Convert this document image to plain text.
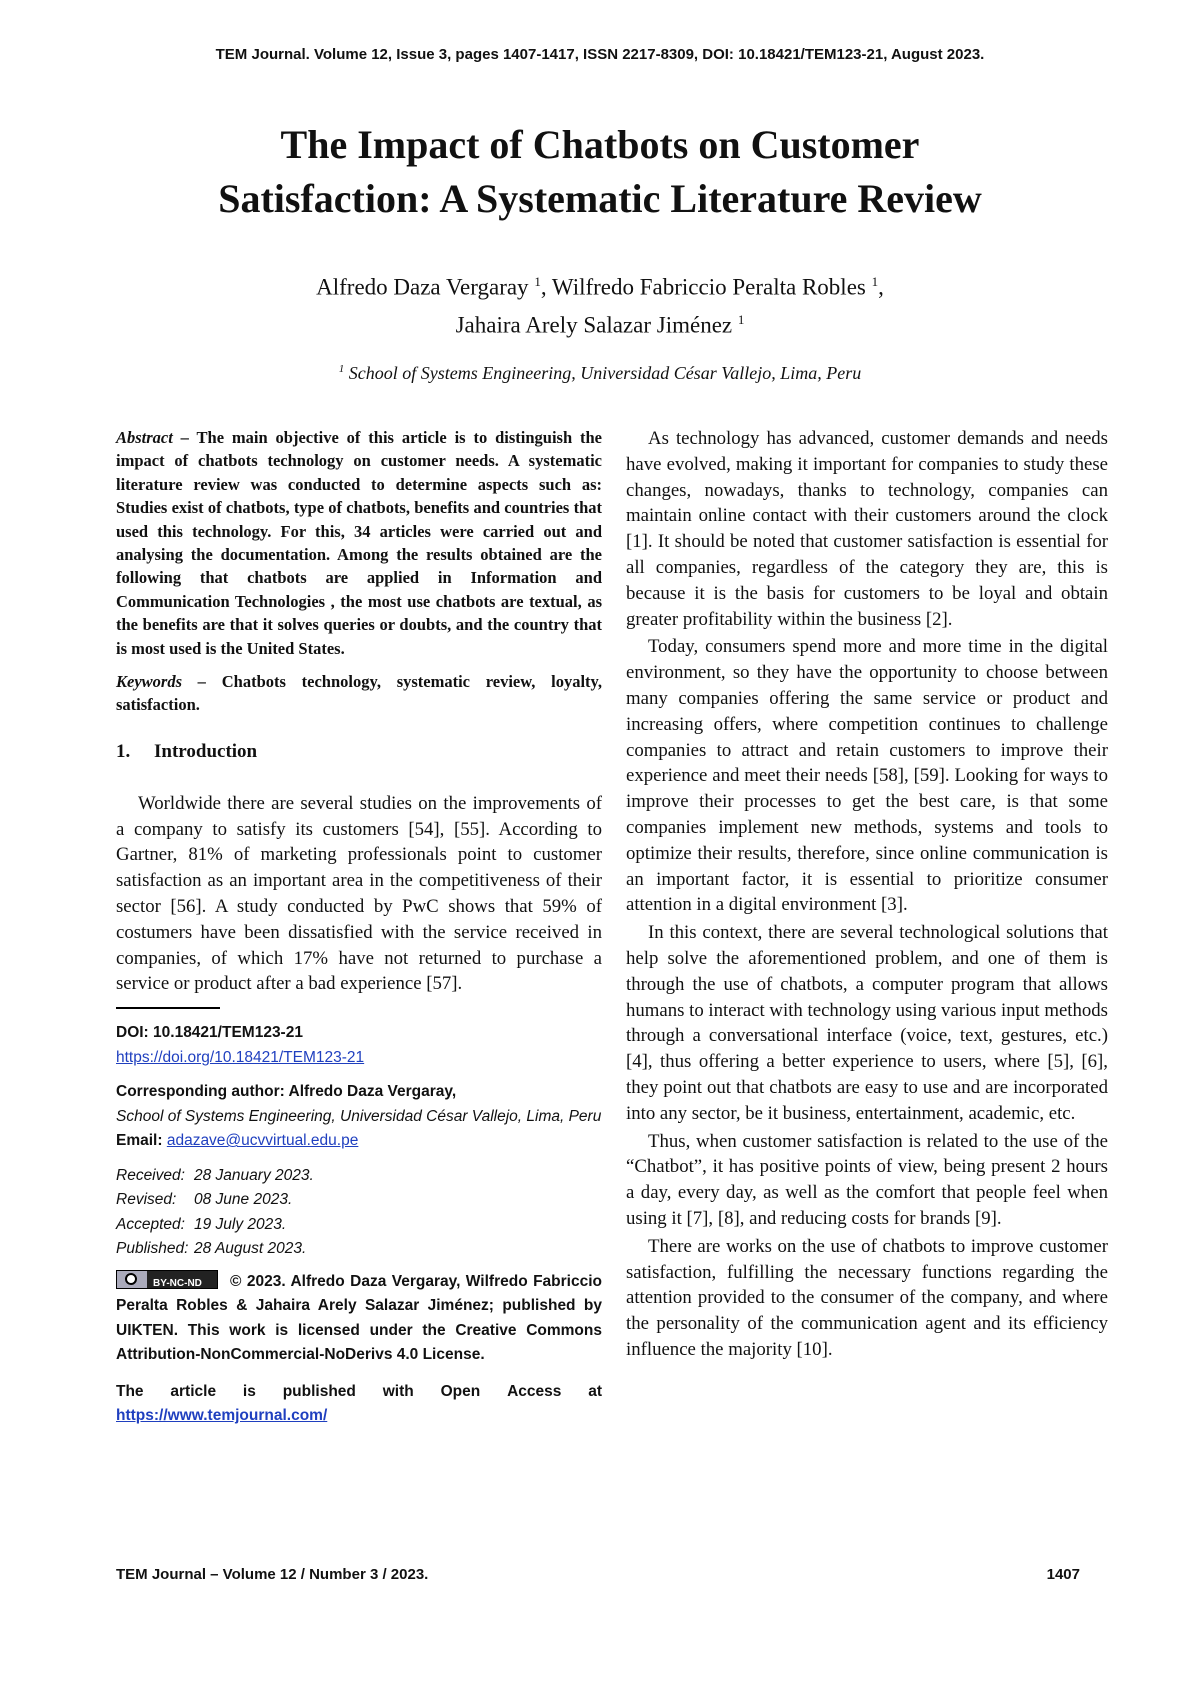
TEM Journal. Volume 12, Issue 3, pages 1407-1417, ISSN 2217-8309, DOI: 10.18421/TEM123-21, August 2023.
The Impact of Chatbots on Customer
Satisfaction: A Systematic Literature Review
Alfredo Daza Vergaray $^1$, Wilfredo Fabriccio Peralta Robles $^1$,
Jahaira Arely Salazar Jiménez $^1$
$^1$ School of Systems Engineering, Universidad César Vallejo, Lima, Peru

Abstract – The main objective of this article is to distinguish the impact of chatbots technology on customer needs. A systematic literature review was conducted to determine aspects such as: Studies exist of chatbots, type of chatbots, benefits and countries that used this technology. For this, 34 articles were carried out and analysing the documentation. Among the results obtained are the following that chatbots are applied in Information and Communication Technologies , the most use chatbots are textual, as the benefits are that it solves queries or doubts, and the country that is most used is the United States.

Keywords – Chatbots technology, systematic review, loyalty, satisfaction.

1. Introduction

Worldwide there are several studies on the improvements of a company to satisfy its customers [54], [55]. According to Gartner, 81% of marketing professionals point to customer satisfaction as an important area in the competitiveness of their sector [56]. A study conducted by PwC shows that 59% of costumers have been dissatisfied with the service received in companies, of which 17% have not returned to purchase a service or product after a bad experience [57].

DOI: 10.18421/TEM123-21
https://doi.org/10.18421/TEM123-21
Corresponding author: Alfredo Daza Vergaray,
School of Systems Engineering, Universidad César Vallejo, Lima, Peru
Email: adazave@ucvvirtual.edu.pe
Received: 28 January 2023.
Revised:	08 June 2023.
Accepted: 19 July 2023.
Published: 28 August 2023.
BY-NC-ND © 2023. Alfredo Daza Vergaray, Wilfredo Fabriccio Peralta Robles & Jahaira Arely Salazar Jiménez; published by UIKTEN. This work is licensed under the Creative Commons Attribution-NonCommercial-NoDerivs 4.0 License.
The article is published with Open Access at
https://www.temjournal.com/

As technology has advanced, customer demands and needs have evolved, making it important for companies to study these changes, nowadays, thanks to technology, companies can maintain online contact with their customers around the clock [1]. It should be noted that customer satisfaction is essential for all companies, regardless of the category they are, this is because it is the basis for customers to be loyal and obtain greater profitability within the business [2].

Today, consumers spend more and more time in the digital environment, so they have the opportunity to choose between many companies offering the same service or product and increasing offers, where competition continues to challenge companies to attract and retain customers to improve their experience and meet their needs [58], [59]. Looking for ways to improve their processes to get the best care, is that some companies implement new methods, systems and tools to optimize their results, therefore, since online communication is an important factor, it is essential to prioritize consumer attention in a digital environment [3].

In this context, there are several technological solutions that help solve the aforementioned problem, and one of them is through the use of chatbots, a computer program that allows humans to interact with technology using various input methods through a conversational interface (voice, text, gestures, etc.) [4], thus offering a better experience to users, where [5], [6], they point out that chatbots are easy to use and are incorporated into any sector, be it business, entertainment, academic, etc.

Thus, when customer satisfaction is related to the use of the “Chatbot”, it has positive points of view, being present 2 hours a day, every day, as well as the comfort that people feel when using it [7], [8], and reducing costs for brands [9].

There are works on the use of chatbots to improve customer satisfaction, fulfilling the necessary functions regarding the attention provided to the consumer of the company, and where the personality of the communication agent and its efficiency influence the majority [10].

TEM Journal – Volume 12 / Number 3 / 2023.	1407
